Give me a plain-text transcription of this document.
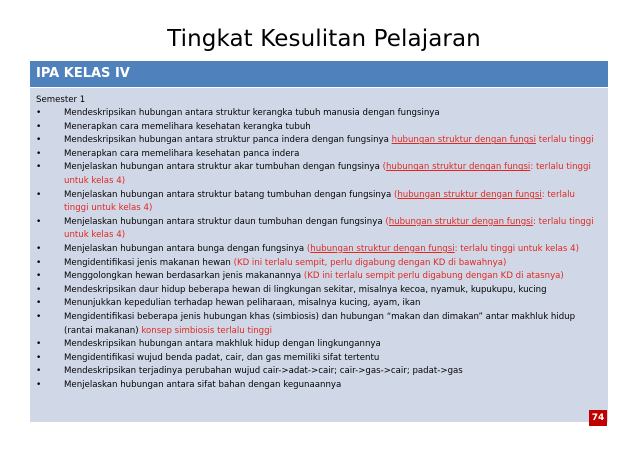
Tingkat Kesulitan Pelajaran
IPA KELAS IV
Semester 1
•	Mendeskripsikan hubungan antara struktur kerangka tubuh manusia dengan fungsinya
•	Menerapkan cara memelihara kesehatan kerangka tubuh
•	Mendeskripsikan hubungan antara struktur panca indera dengan fungsinya hubungan struktur dengan fungsi terlalu tinggi
•	Menerapkan cara memelihara kesehatan panca indera
•	Menjelaskan hubungan antara struktur akar tumbuhan dengan fungsinya (hubungan struktur dengan fungsi: terlalu tinggi untuk kelas 4)
•	Menjelaskan hubungan antara struktur batang tumbuhan dengan fungsinya (hubungan struktur dengan fungsi: terlalu tinggi untuk kelas 4)
•	Menjelaskan hubungan antara struktur daun tumbuhan dengan fungsinya (hubungan struktur dengan fungsi: terlalu tinggi untuk kelas 4)
•	Menjelaskan hubungan antara bunga dengan fungsinya (hubungan struktur dengan fungsi: terlalu tinggi untuk kelas 4)
•	Mengidentifikasi jenis makanan hewan (KD ini terlalu sempit, perlu digabung dengan KD di bawahnya)
•	Menggolongkan hewan berdasarkan jenis makanannya (KD ini terlalu sempit perlu digabung dengan KD di atasnya)
•	Mendeskripsikan daur hidup beberapa hewan di lingkungan sekitar, misalnya kecoa, nyamuk, kupukupu, kucing
•	Menunjukkan kepedulian terhadap hewan peliharaan, misalnya kucing, ayam, ikan
•	Mengidentifikasi beberapa jenis hubungan khas (simbiosis) dan hubungan “makan dan dimakan” antar makhluk hidup (rantai makanan) konsep simbiosis terlalu tinggi
•	Mendeskripsikan hubungan antara makhluk hidup dengan lingkungannya
•	Mengidentifikasi wujud benda padat, cair, dan gas memiliki sifat tertentu
•	Mendeskripsikan terjadinya perubahan wujud cair->adat->cair; cair->gas->cair; padat->gas
•	Menjelaskan hubungan antara sifat bahan dengan kegunaannya
74
